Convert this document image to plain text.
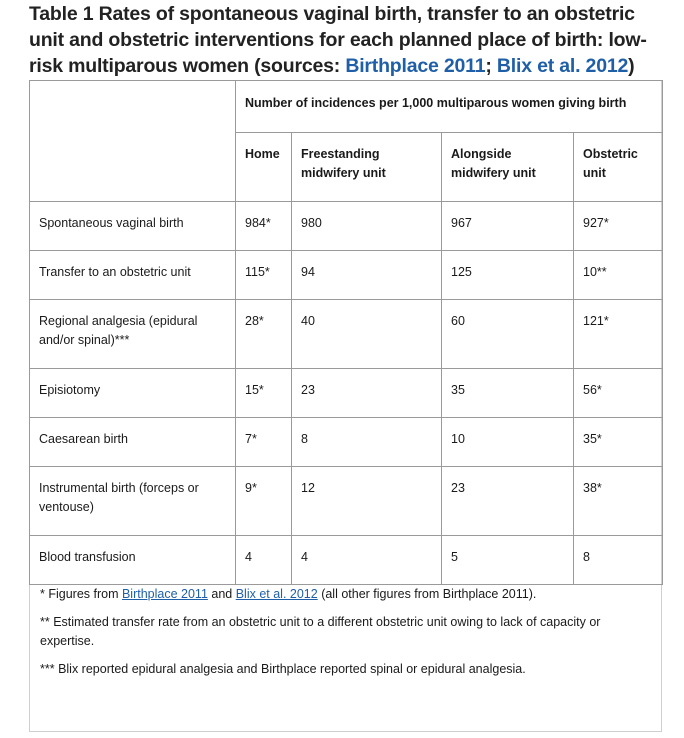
Table 1 Rates of spontaneous vaginal birth, transfer to an obstetric unit and obstetric interventions for each planned place of birth: low-risk multiparous women (sources: Birthplace 2011; Blix et al. 2012)
	Number of incidences per 1,000 multiparous women giving birth			
	Home	Freestanding midwifery unit	Alongside midwifery unit	Obstetric unit
Spontaneous vaginal birth	984*	980	967	927*
Transfer to an obstetric unit	115*	94	125	10**
Regional analgesia (epidural and/or spinal)***	28*	40	60	121*
Episiotomy	15*	23	35	56*
Caesarean birth	7*	8	10	35*
Instrumental birth (forceps or ventouse)	9*	12	23	38*
Blood transfusion	4	4	5	8

* Figures from Birthplace 2011 and Blix et al. 2012 (all other figures from Birthplace 2011).

** Estimated transfer rate from an obstetric unit to a different obstetric unit owing to lack of capacity or expertise.

*** Blix reported epidural analgesia and Birthplace reported spinal or epidural analgesia.
